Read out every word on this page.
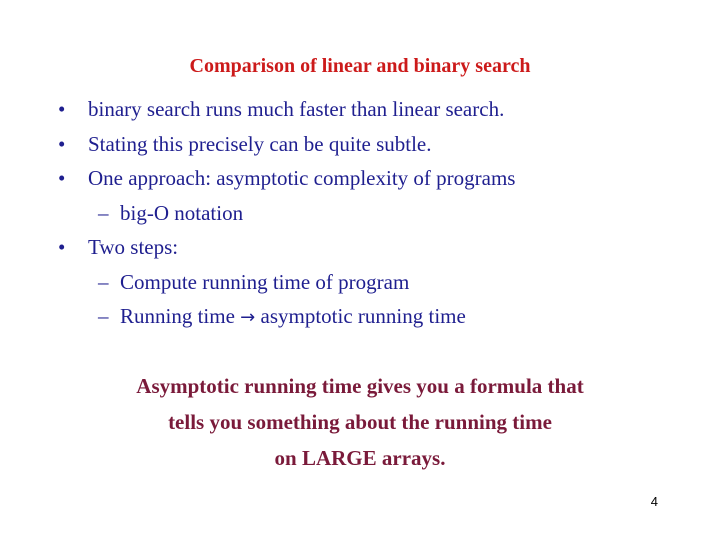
Comparison of linear and binary search
• binary search runs much faster than linear search.
• Stating this precisely can be quite subtle.
• One approach: asymptotic complexity of programs
– big-O notation
• Two steps:
– Compute running time of program
– Running time → asymptotic running time
Asymptotic running time gives you a formula that
tells you something about the running time
on LARGE arrays.
4
